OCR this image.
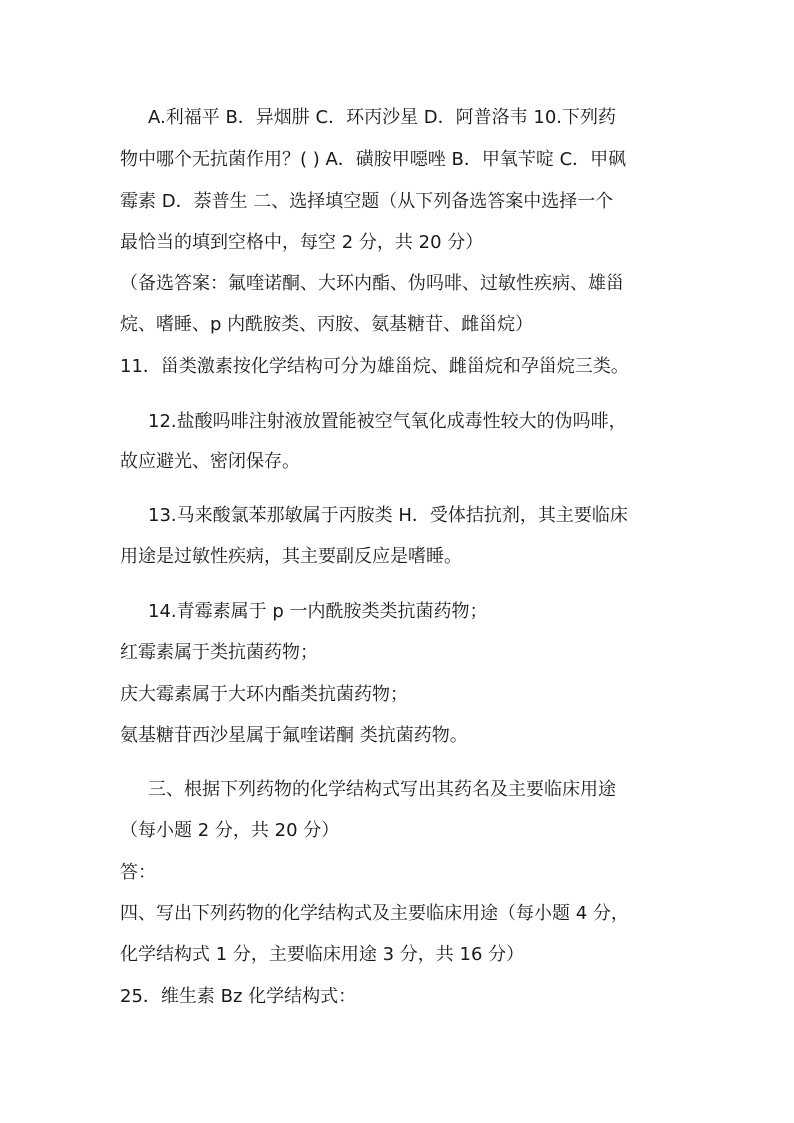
A.利福平 B．异烟肼 C．环丙沙星 D．阿普洛韦 10.下列药
物中哪个无抗菌作用？( ) A．磺胺甲噁唑 B．甲氧苄啶 C．甲砜
霉素 D．萘普生 二、选择填空题（从下列备选答案中选择一个
最恰当的填到空格中，每空 2 分，共 20 分）
（备选答案：氟喹诺酮、大环内酯、伪吗啡、过敏性疾病、雄甾
烷、嗜睡、p 内酰胺类、丙胺、氨基糖苷、雌甾烷）
11．甾类激素按化学结构可分为雄甾烷、雌甾烷和孕甾烷三类。
12.盐酸吗啡注射液放置能被空气氧化成毒性较大的伪吗啡，
故应避光、密闭保存。
13.马来酸氯苯那敏属于丙胺类 H．受体拮抗剂，其主要临床
用途是过敏性疾病，其主要副反应是嗜睡。
14.青霉素属于 p 一内酰胺类类抗菌药物；
红霉素属于类抗菌药物；
庆大霉素属于大环内酯类抗菌药物；
氨基糖苷西沙星属于氟喹诺酮 类抗菌药物。
三、根据下列药物的化学结构式写出其药名及主要临床用途
（每小题 2 分，共 20 分）
答：
四、写出下列药物的化学结构式及主要临床用途（每小题 4 分，
化学结构式 1 分，主要临床用途 3 分，共 16 分）
25．维生素 Bz 化学结构式：
